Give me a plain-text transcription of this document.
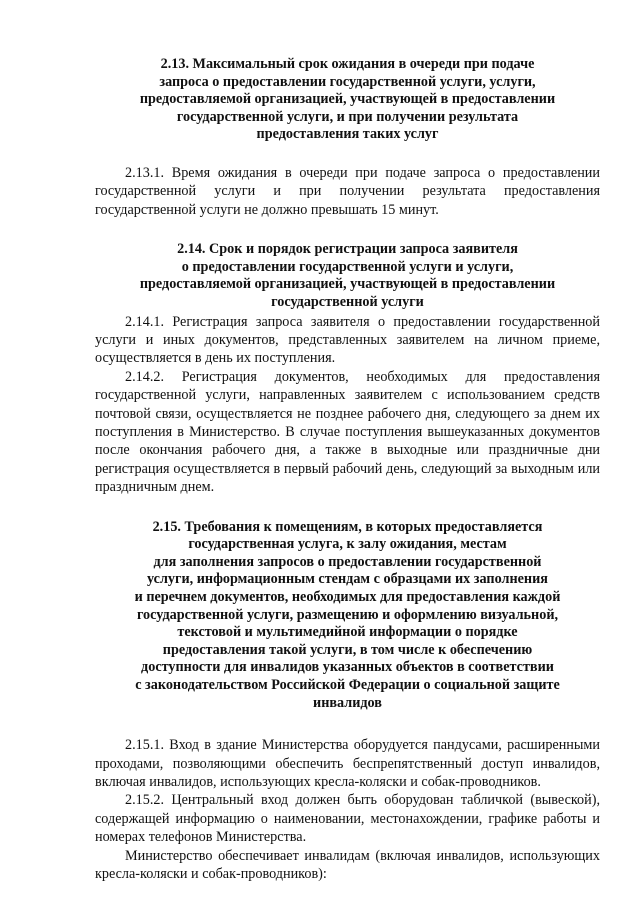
2.13. Максимальный срок ожидания в очереди при подаче
запроса о предоставлении государственной услуги, услуги,
предоставляемой организацией, участвующей в предоставлении
государственной услуги, и при получении результата
предоставления таких услуг

2.13.1. Время ожидания в очереди при подаче запроса о предоставлении государственной услуги и при получении результата предоставления государственной услуги не должно превышать 15 минут.

2.14. Срок и порядок регистрации запроса заявителя
о предоставлении государственной услуги и услуги,
предоставляемой организацией, участвующей в предоставлении
государственной услуги

2.14.1. Регистрация запроса заявителя о предоставлении государственной услуги и иных документов, представленных заявителем на личном приеме, осуществляется в день их поступления.

2.14.2. Регистрация документов, необходимых для предоставления государственной услуги, направленных заявителем с использованием средств почтовой связи, осуществляется не позднее рабочего дня, следующего за днем их поступления в Министерство. В случае поступления вышеуказанных документов после окончания рабочего дня, а также в выходные или праздничные дни регистрация осуществляется в первый рабочий день, следующий за выходным или праздничным днем.

2.15. Требования к помещениям, в которых предоставляется
государственная услуга, к залу ожидания, местам
для заполнения запросов о предоставлении государственной
услуги, информационным стендам с образцами их заполнения
и перечнем документов, необходимых для предоставления каждой
государственной услуги, размещению и оформлению визуальной,
текстовой и мультимедийной информации о порядке
предоставления такой услуги, в том числе к обеспечению
доступности для инвалидов указанных объектов в соответствии
с законодательством Российской Федерации о социальной защите
инвалидов

2.15.1. Вход в здание Министерства оборудуется пандусами, расширенными проходами, позволяющими обеспечить беспрепятственный доступ инвалидов, включая инвалидов, использующих кресла-коляски и собак-проводников.

2.15.2. Центральный вход должен быть оборудован табличкой (вывеской), содержащей информацию о наименовании, местонахождении, графике работы и номерах телефонов Министерства.

Министерство обеспечивает инвалидам (включая инвалидов, использующих кресла-коляски и собак-проводников):
